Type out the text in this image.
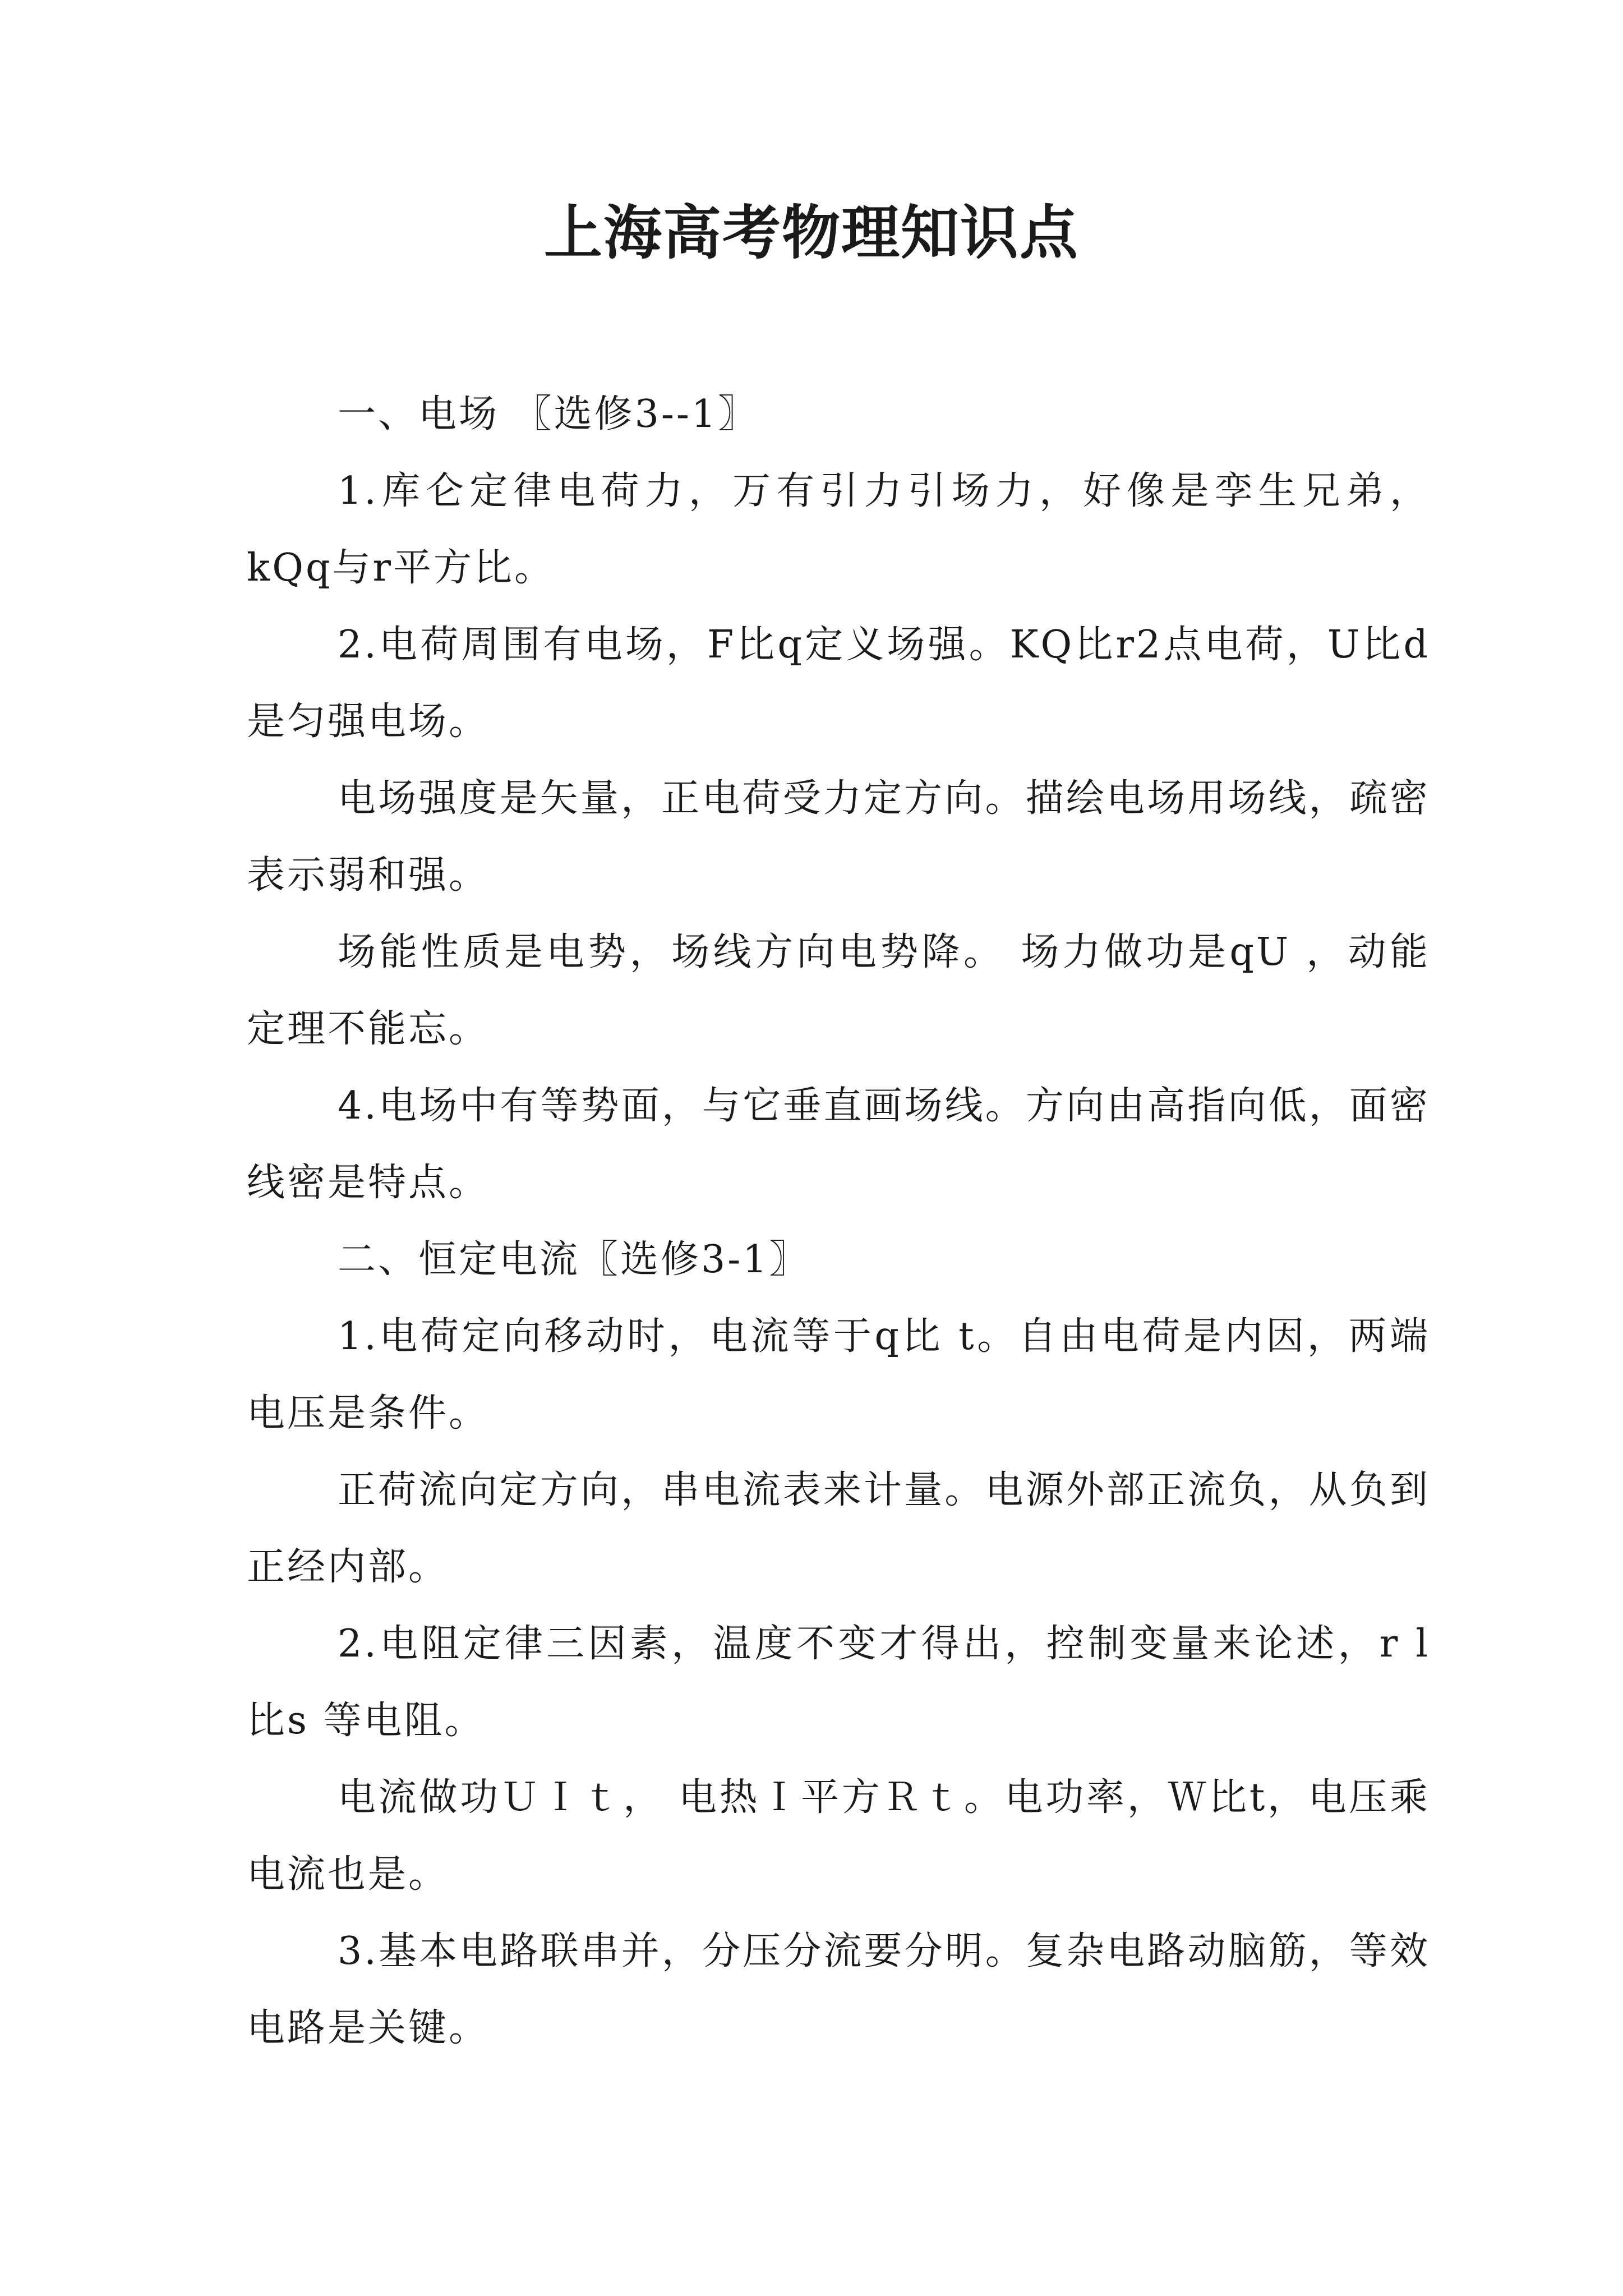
上海高考物理知识点

一、电场 〖选修3--1〗

1.库仑定律电荷力，万有引力引场力，好像是孪生兄弟，kQq与r平方比。

2.电荷周围有电场，F比q定义场强。KQ比r2点电荷，U比d是匀强电场。

电场强度是矢量，正电荷受力定方向。描绘电场用场线，疏密表示弱和强。

场能性质是电势，场线方向电势降。 场力做功是qU ，动能定理不能忘。

4.电场中有等势面，与它垂直画场线。方向由高指向低，面密线密是特点。

二、恒定电流〖选修3-1〗

1.电荷定向移动时，电流等于q比 t。自由电荷是内因，两端电压是条件。

正荷流向定方向，串电流表来计量。电源外部正流负，从负到正经内部。

2.电阻定律三因素，温度不变才得出，控制变量来论述，r l比s 等电阻。

电流做功ＵＩｔ， 电热Ｉ平方Ｒｔ。电功率，Ｗ比t，电压乘电流也是。

3.基本电路联串并，分压分流要分明。复杂电路动脑筋，等效电路是关键。
